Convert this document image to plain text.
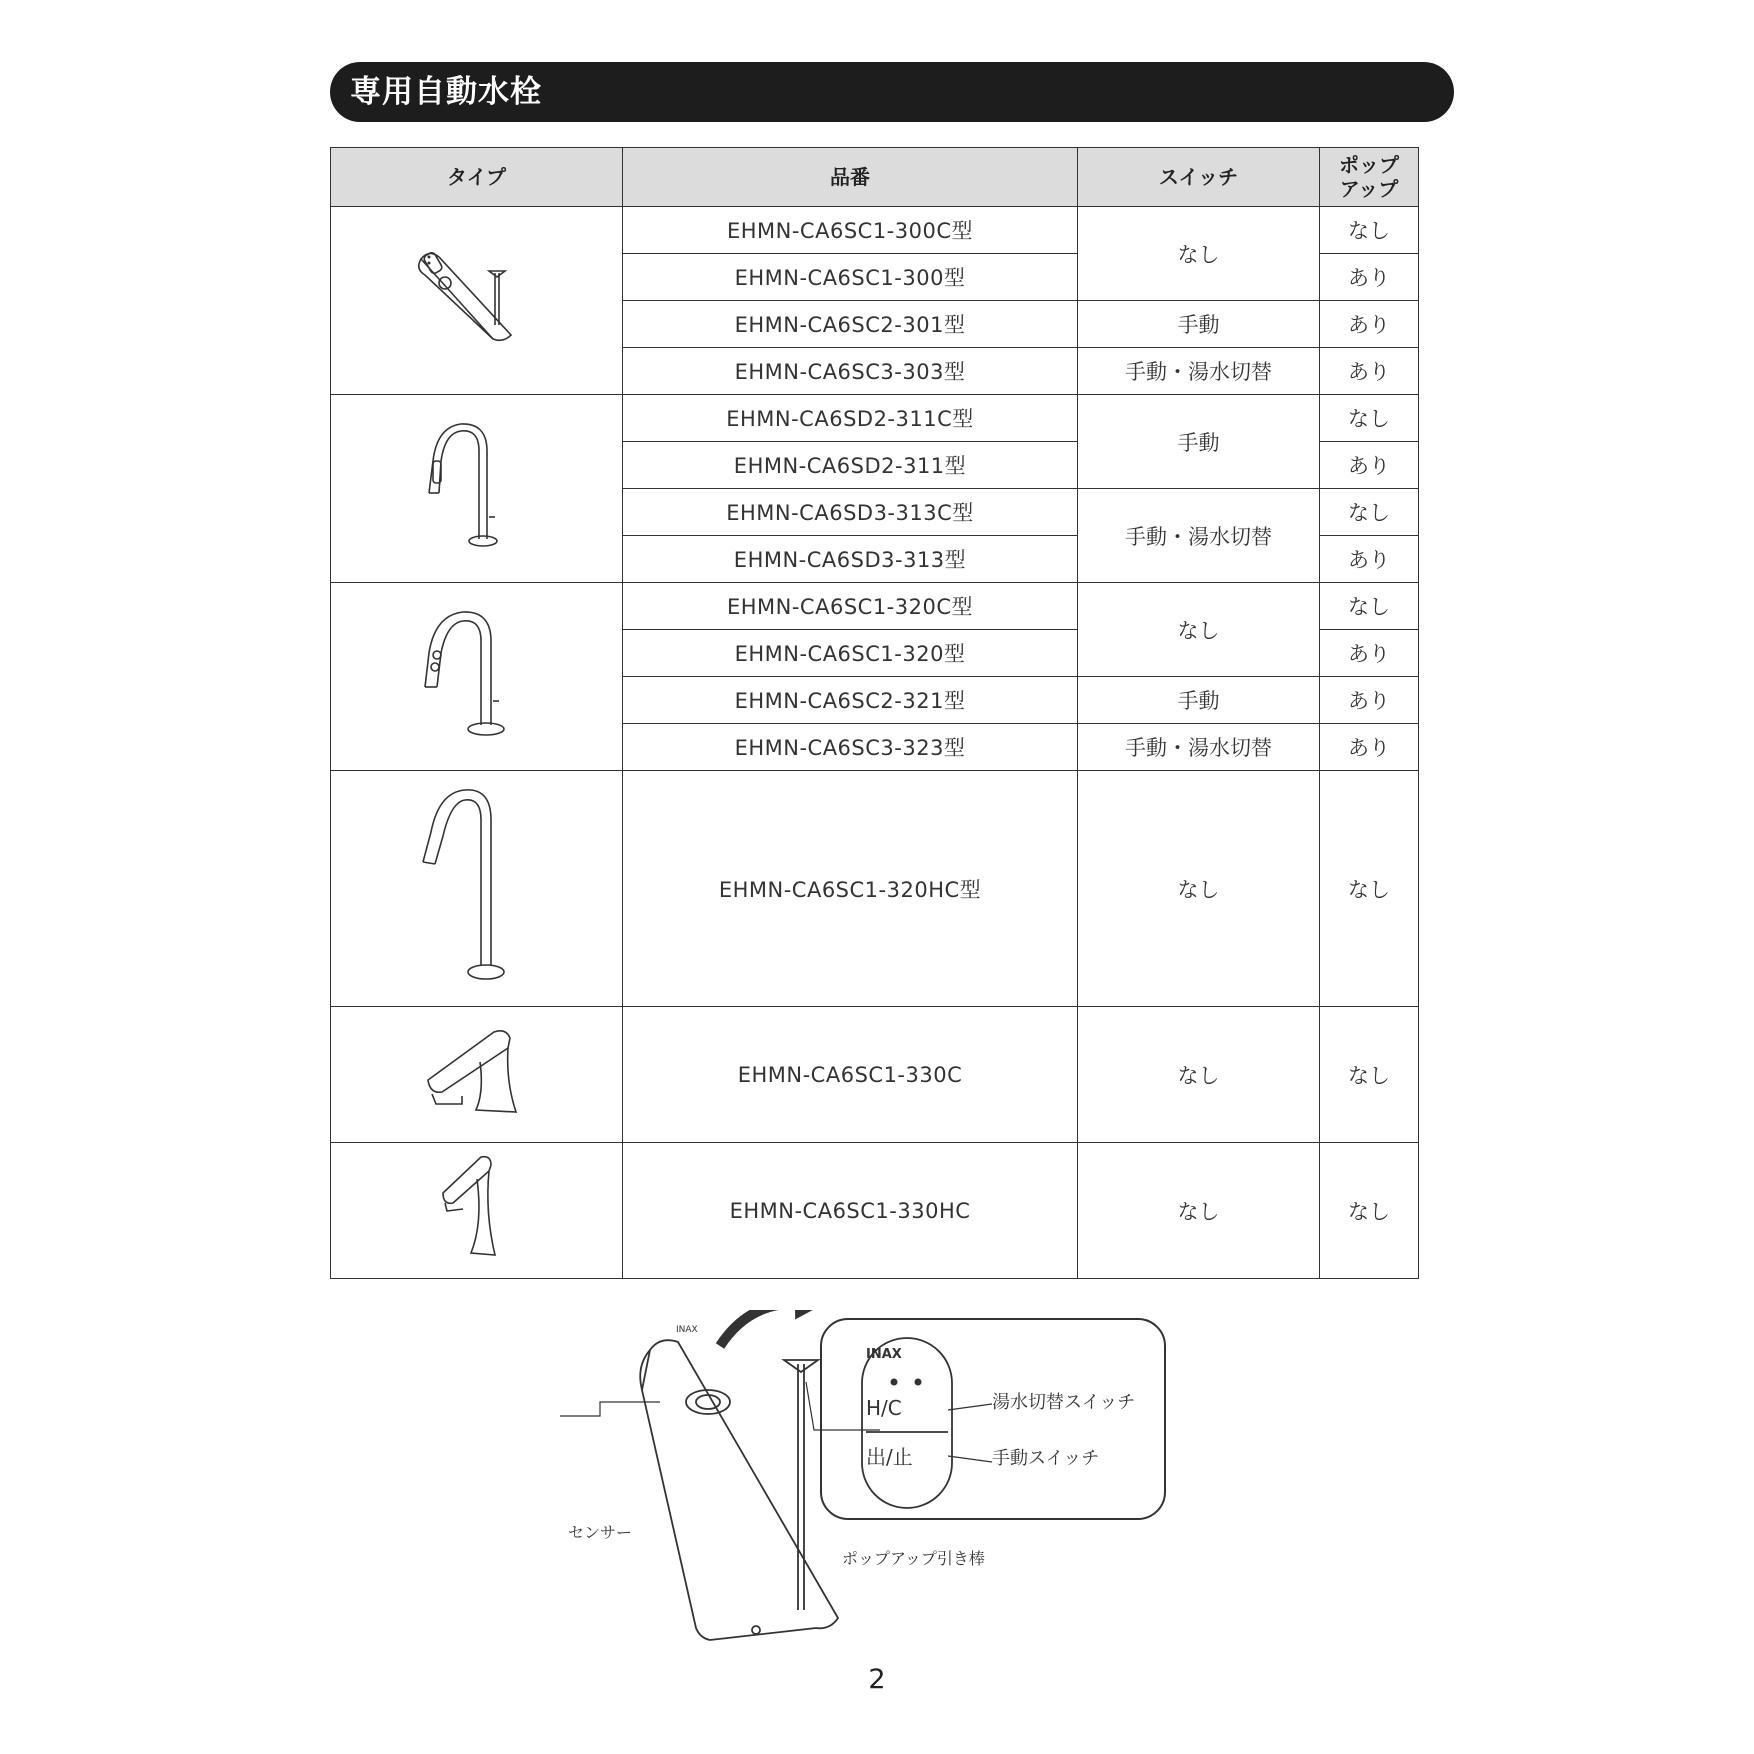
専用自動水栓
タイプ	品番	スイッチ	ポップ
アップ
	EHMN-CA6SC1-300C型	なし	なし
	EHMN-CA6SC1-300型		あり
	EHMN-CA6SC2-301型	手動	あり
	EHMN-CA6SC3-303型	手動・湯水切替	あり
	EHMN-CA6SD2-311C型	手動	なし
	EHMN-CA6SD2-311型		あり
	EHMN-CA6SD3-313C型	手動・湯水切替	なし
	EHMN-CA6SD3-313型		あり
	EHMN-CA6SC1-320C型	なし	なし
	EHMN-CA6SC1-320型		あり
	EHMN-CA6SC2-321型	手動	あり
	EHMN-CA6SC3-323型	手動・湯水切替	あり
	EHMN-CA6SC1-320HC型	なし	なし
	EHMN-CA6SC1-330C	なし	なし
	EHMN-CA6SC1-330HC	なし	なし
INAX
INAX
H/C
出/止
湯水切替スイッチ
手動スイッチ
センサー
ポップアップ引き棒
2
